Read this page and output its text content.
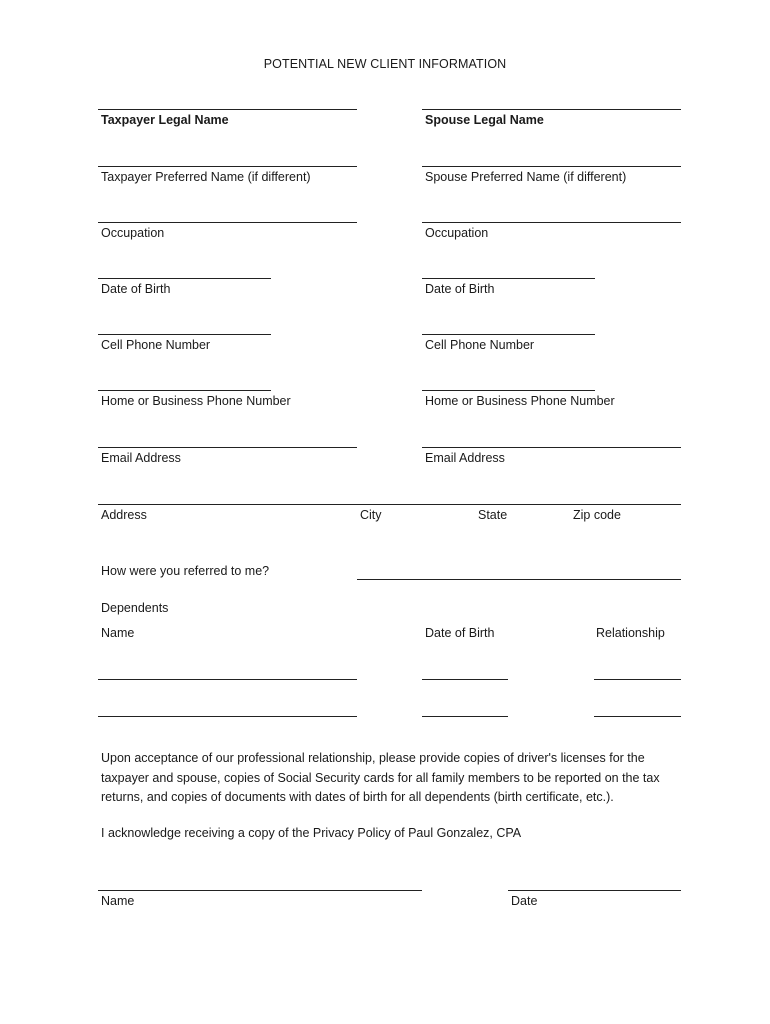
POTENTIAL NEW CLIENT INFORMATION
Taxpayer Legal Name	Spouse Legal Name
Taxpayer Preferred Name (if different)	Spouse Preferred Name (if different)
Occupation	Occupation
Date of Birth	Date of Birth
Cell Phone Number	Cell Phone Number
Home or Business Phone Number	Home or Business Phone Number
Email Address	Email Address
Address	City	State	Zip code
How were you referred to me?
Dependents
Name	Date of Birth	Relationship
Upon acceptance of our professional relationship, please provide copies of driver's licenses for the taxpayer and spouse, copies of Social Security cards for all family members to be reported on the tax returns, and copies of documents with dates of birth for all dependents (birth certificate, etc.).
I acknowledge receiving a copy of the Privacy Policy of Paul Gonzalez, CPA
Name	Date
